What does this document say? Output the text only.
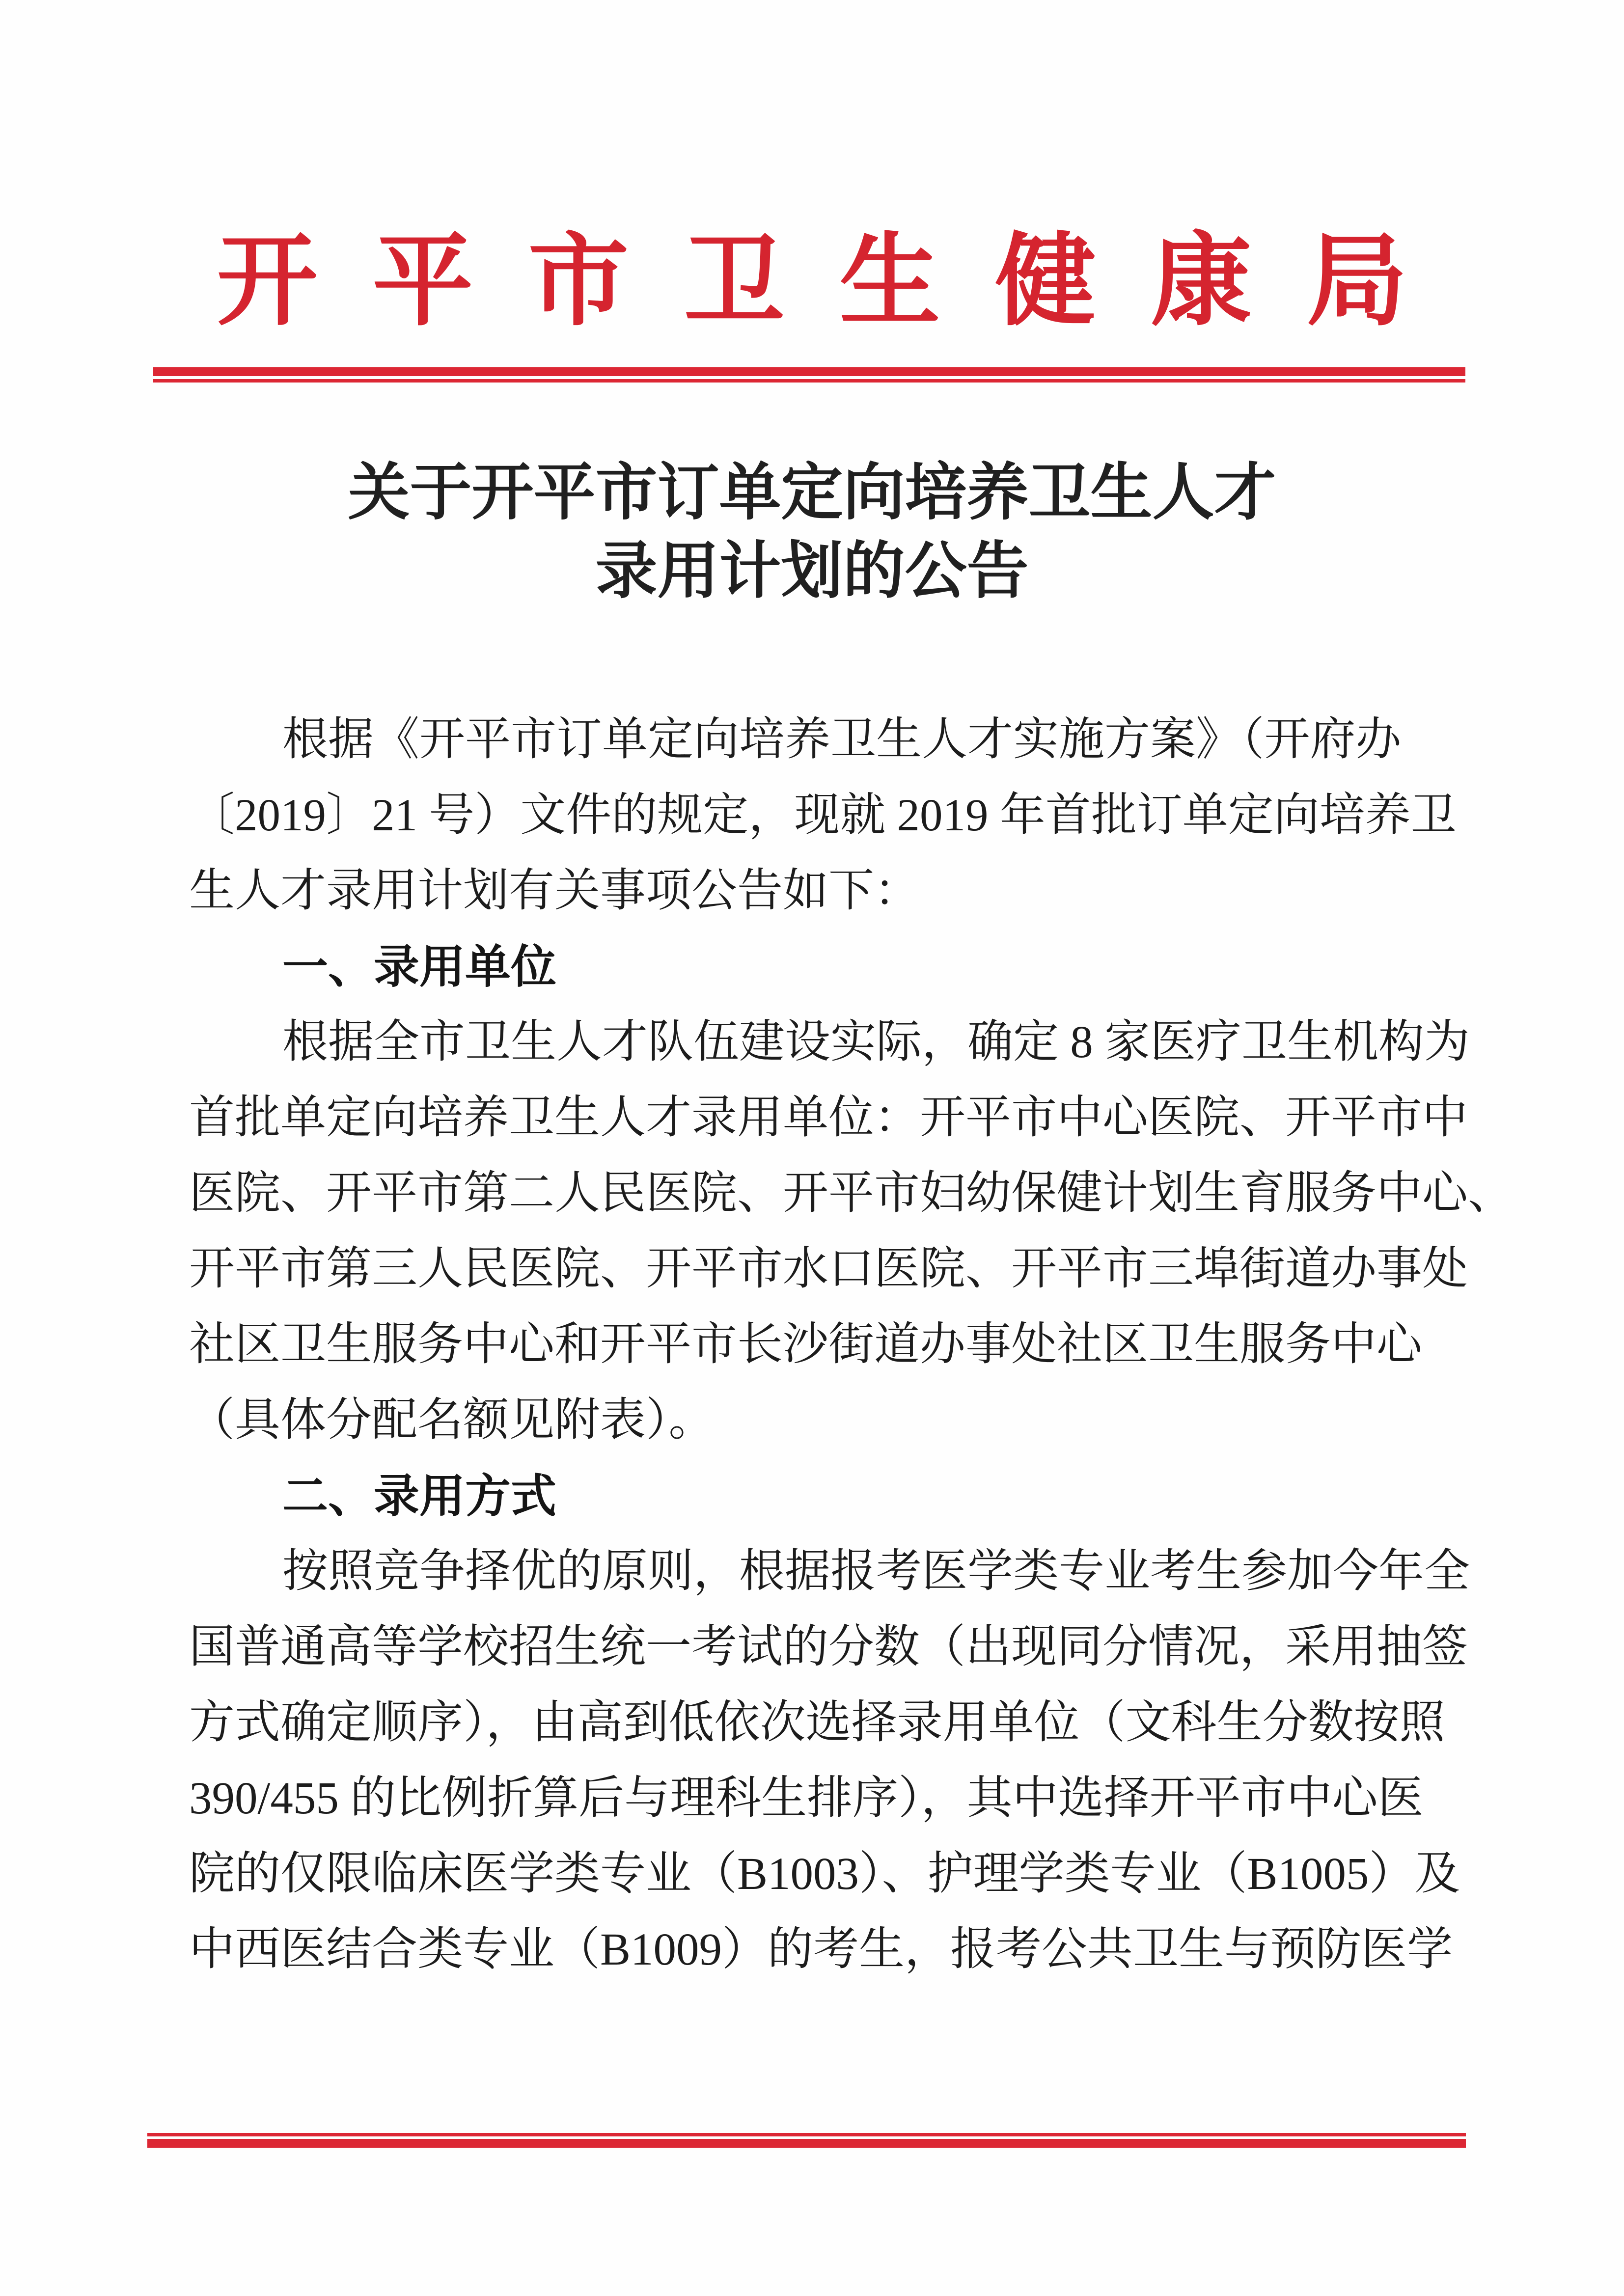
开平市卫生健康局
关于开平市订单定向培养卫生人才
录用计划的公告
根据《开平市订单定向培养卫生人才实施方案》（开府办
〔2019〕21 号）文件的规定，现就 2019 年首批订单定向培养卫
生人才录用计划有关事项公告如下：
一、录用单位
根据全市卫生人才队伍建设实际，确定 8 家医疗卫生机构为
首批单定向培养卫生人才录用单位：开平市中心医院、开平市中
医院、开平市第二人民医院、开平市妇幼保健计划生育服务中心、
开平市第三人民医院、开平市水口医院、开平市三埠街道办事处
社区卫生服务中心和开平市长沙街道办事处社区卫生服务中心
（具体分配名额见附表）。
二、录用方式
按照竞争择优的原则，根据报考医学类专业考生参加今年全
国普通高等学校招生统一考试的分数（出现同分情况，采用抽签
方式确定顺序），由高到低依次选择录用单位（文科生分数按照
390/455 的比例折算后与理科生排序），其中选择开平市中心医
院的仅限临床医学类专业（B1003）、护理学类专业（B1005）及
中西医结合类专业（B1009）的考生，报考公共卫生与预防医学
